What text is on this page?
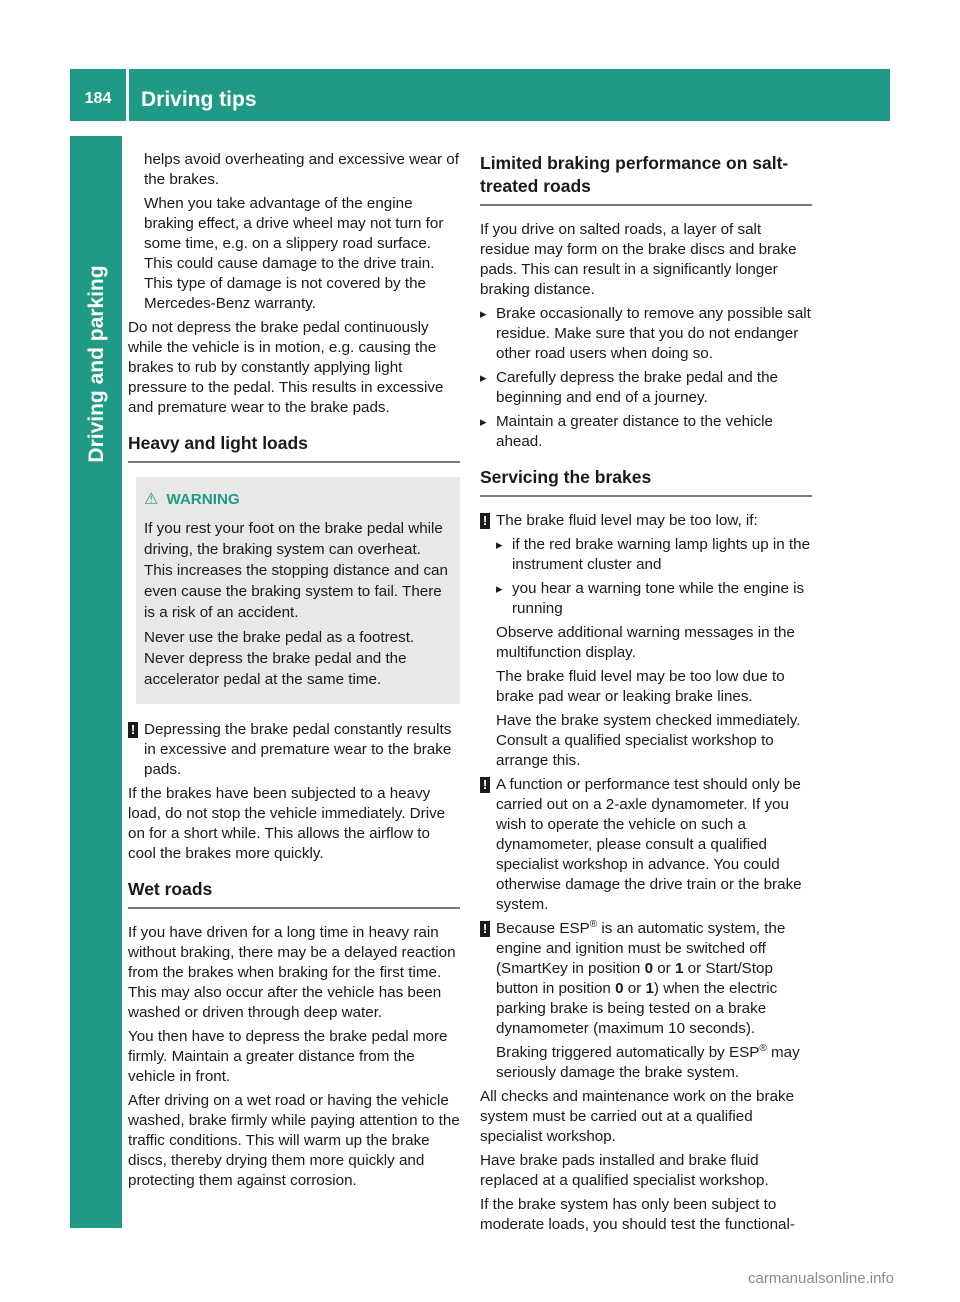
184	Driving tips
Driving and parking

helps avoid overheating and excessive wear of the brakes.

When you take advantage of the engine braking effect, a drive wheel may not turn for some time, e.g. on a slippery road surface. This could cause damage to the drive train. This type of damage is not covered by the Mercedes-Benz warranty.

Do not depress the brake pedal continuously while the vehicle is in motion, e.g. causing the brakes to rub by constantly applying light pressure to the pedal. This results in excessive and premature wear to the brake pads.

Heavy and light loads
⚠ WARNING

If you rest your foot on the brake pedal while driving, the braking system can overheat. This increases the stopping distance and can even cause the braking system to fail. There is a risk of an accident.

Never use the brake pedal as a footrest. Never depress the brake pedal and the accelerator pedal at the same time.

! Depressing the brake pedal constantly results in excessive and premature wear to the brake pads.

If the brakes have been subjected to a heavy load, do not stop the vehicle immediately. Drive on for a short while. This allows the airflow to cool the brakes more quickly.

Wet roads

If you have driven for a long time in heavy rain without braking, there may be a delayed reaction from the brakes when braking for the first time. This may also occur after the vehicle has been washed or driven through deep water.

You then have to depress the brake pedal more firmly. Maintain a greater distance from the vehicle in front.

After driving on a wet road or having the vehicle washed, brake firmly while paying attention to the traffic conditions. This will warm up the brake discs, thereby drying them more quickly and protecting them against corrosion.

Limited braking performance on salt-treated roads

If you drive on salted roads, a layer of salt residue may form on the brake discs and brake pads. This can result in a significantly longer braking distance.

▸ Brake occasionally to remove any possible salt residue. Make sure that you do not endanger other road users when doing so.
▸ Carefully depress the brake pedal and the beginning and end of a journey.
▸ Maintain a greater distance to the vehicle ahead.
Servicing the brakes
! The brake fluid level may be too low, if:
▸ if the red brake warning lamp lights up in the instrument cluster and
▸ you hear a warning tone while the engine is running

Observe additional warning messages in the multifunction display.

The brake fluid level may be too low due to brake pad wear or leaking brake lines.

Have the brake system checked immediately. Consult a qualified specialist workshop to arrange this.

! A function or performance test should only be carried out on a 2-axle dynamometer. If you wish to operate the vehicle on such a dynamometer, please consult a qualified specialist workshop in advance. You could otherwise damage the drive train or the brake system.
! Because ESP® is an automatic system, the engine and ignition must be switched off (SmartKey in position 0 or 1 or Start/Stop button in position 0 or 1) when the electric parking brake is being tested on a brake dynamometer (maximum 10 seconds).

Braking triggered automatically by ESP® may seriously damage the brake system.

All checks and maintenance work on the brake system must be carried out at a qualified specialist workshop.

Have brake pads installed and brake fluid replaced at a qualified specialist workshop.

If the brake system has only been subject to moderate loads, you should test the functional-

carmanualsonline.info
